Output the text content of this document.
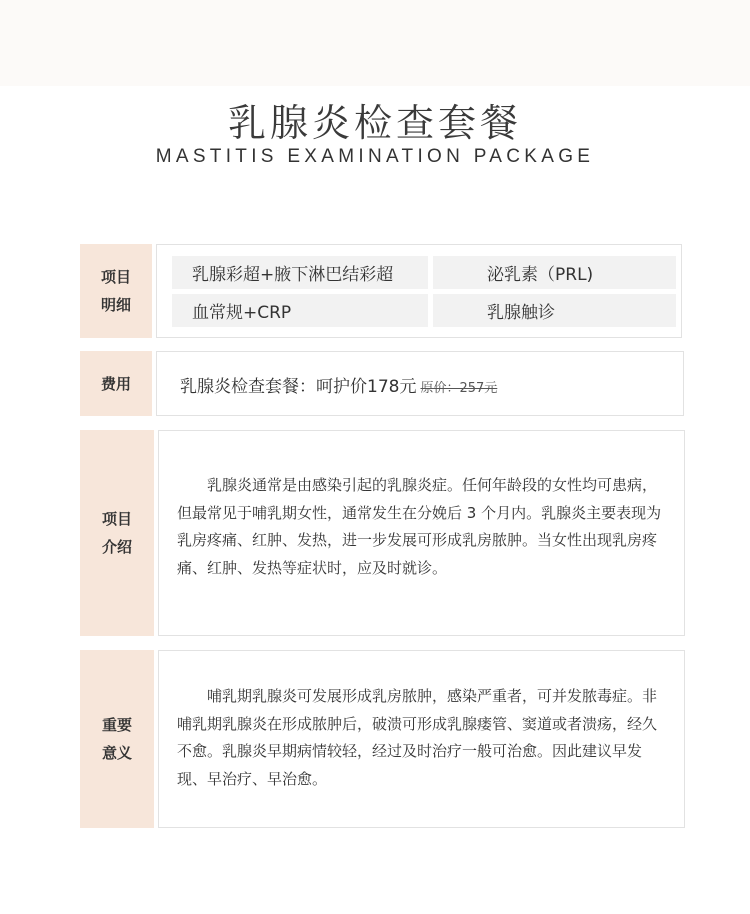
乳腺炎检查套餐
MASTITIS EXAMINATION PACKAGE
项目
明细
乳腺彩超+腋下淋巴结彩超	泌乳素（PRL)
血常规+CRP	乳腺触诊
费用	乳腺炎检查套餐：呵护价178元 原价：257元
项目
介绍
乳腺炎通常是由感染引起的乳腺炎症。任何年龄段的女性均可患病，但最常见于哺乳期女性，通常发生在分娩后 3 个月内。乳腺炎主要表现为乳房疼痛、红肿、发热，进一步发展可形成乳房脓肿。当女性出现乳房疼痛、红肿、发热等症状时，应及时就诊。
重要
意义
哺乳期乳腺炎可发展形成乳房脓肿，感染严重者，可并发脓毒症。非哺乳期乳腺炎在形成脓肿后，破溃可形成乳腺瘘管、窦道或者溃疡，经久不愈。乳腺炎早期病情较轻，经过及时治疗一般可治愈。因此建议早发现、早治疗、早治愈。
